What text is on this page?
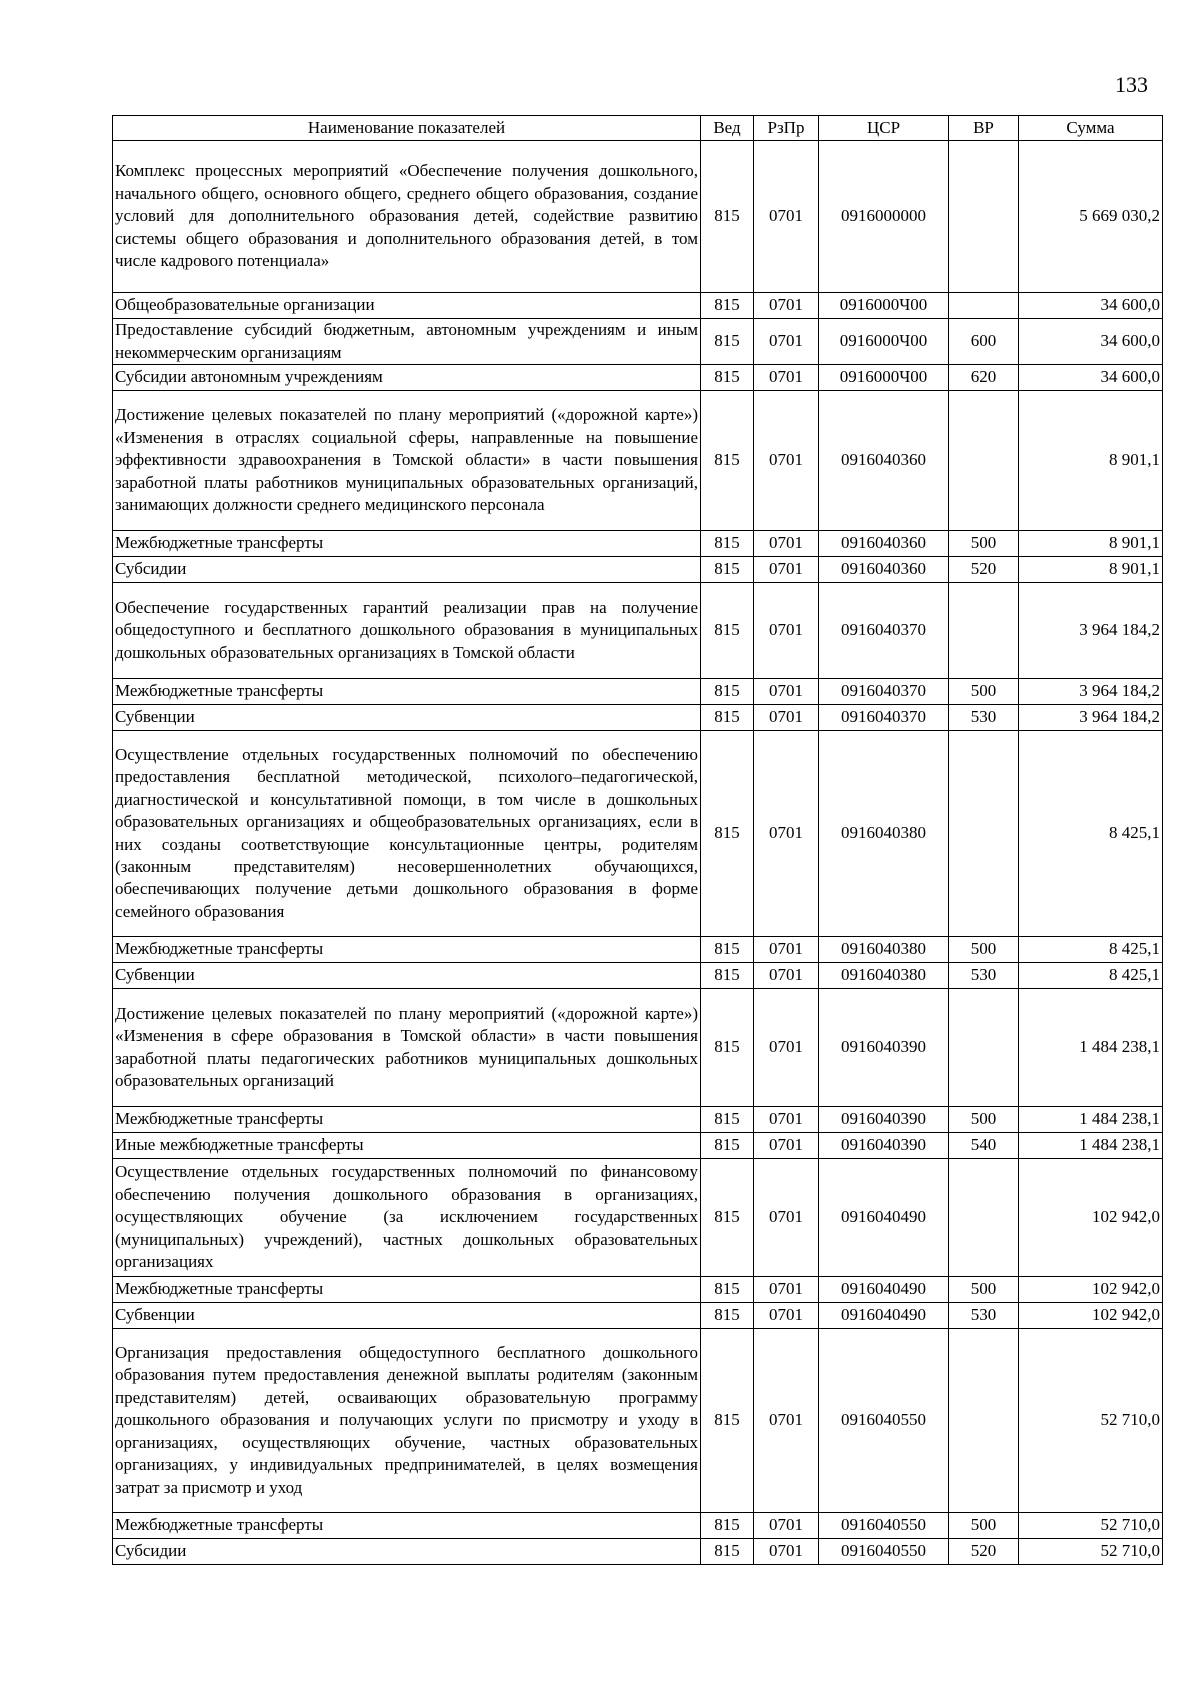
133
Наименование показателей	Вед	РзПр	ЦСР	ВР	Сумма
Комплекс процессных мероприятий «Обеспечение получения дошкольного, начального общего, основного общего, среднего общего образования, создание условий для дополнительного образования детей, содействие развитию системы общего образования и дополнительного образования детей, в том числе кадрового потенциала»	815	0701	0916000000		5 669 030,2
Общеобразовательные организации	815	0701	0916000Ч00		34 600,0
Предоставление субсидий бюджетным, автономным учреждениям и иным некоммерческим организациям	815	0701	0916000Ч00	600	34 600,0
Субсидии автономным учреждениям	815	0701	0916000Ч00	620	34 600,0
Достижение целевых показателей по плану мероприятий («дорожной карте») «Изменения в отраслях социальной сферы, направленные на повышение эффективности здравоохранения в Томской области» в части повышения заработной платы работников муниципальных образовательных организаций, занимающих должности среднего медицинского персонала	815	0701	0916040360		8 901,1
Межбюджетные трансферты	815	0701	0916040360	500	8 901,1
Субсидии	815	0701	0916040360	520	8 901,1
Обеспечение государственных гарантий реализации прав на получение общедоступного и бесплатного дошкольного образования в муниципальных дошкольных образовательных организациях в Томской области	815	0701	0916040370		3 964 184,2
Межбюджетные трансферты	815	0701	0916040370	500	3 964 184,2
Субвенции	815	0701	0916040370	530	3 964 184,2
Осуществление отдельных государственных полномочий по обеспечению предоставления бесплатной методической, психолого–педагогической, диагностической и консультативной помощи, в том числе в дошкольных образовательных организациях и общеобразовательных организациях, если в них созданы соответствующие консультационные центры, родителям (законным представителям) несовершеннолетних обучающихся, обеспечивающих получение детьми дошкольного образования в форме семейного образования	815	0701	0916040380		8 425,1
Межбюджетные трансферты	815	0701	0916040380	500	8 425,1
Субвенции	815	0701	0916040380	530	8 425,1
Достижение целевых показателей по плану мероприятий («дорожной карте») «Изменения в сфере образования в Томской области» в части повышения заработной платы педагогических работников муниципальных дошкольных образовательных организаций	815	0701	0916040390		1 484 238,1
Межбюджетные трансферты	815	0701	0916040390	500	1 484 238,1
Иные межбюджетные трансферты	815	0701	0916040390	540	1 484 238,1
Осуществление отдельных государственных полномочий по финансовому обеспечению получения дошкольного образования в организациях, осуществляющих обучение (за исключением государственных (муниципальных) учреждений), частных дошкольных образовательных организациях	815	0701	0916040490		102 942,0
Межбюджетные трансферты	815	0701	0916040490	500	102 942,0
Субвенции	815	0701	0916040490	530	102 942,0
Организация предоставления общедоступного бесплатного дошкольного образования путем предоставления денежной выплаты родителям (законным представителям) детей, осваивающих образовательную программу дошкольного образования и получающих услуги по присмотру и уходу в организациях, осуществляющих обучение, частных образовательных организациях, у индивидуальных предпринимателей, в целях возмещения затрат за присмотр и уход	815	0701	0916040550		52 710,0
Межбюджетные трансферты	815	0701	0916040550	500	52 710,0
Субсидии	815	0701	0916040550	520	52 710,0
